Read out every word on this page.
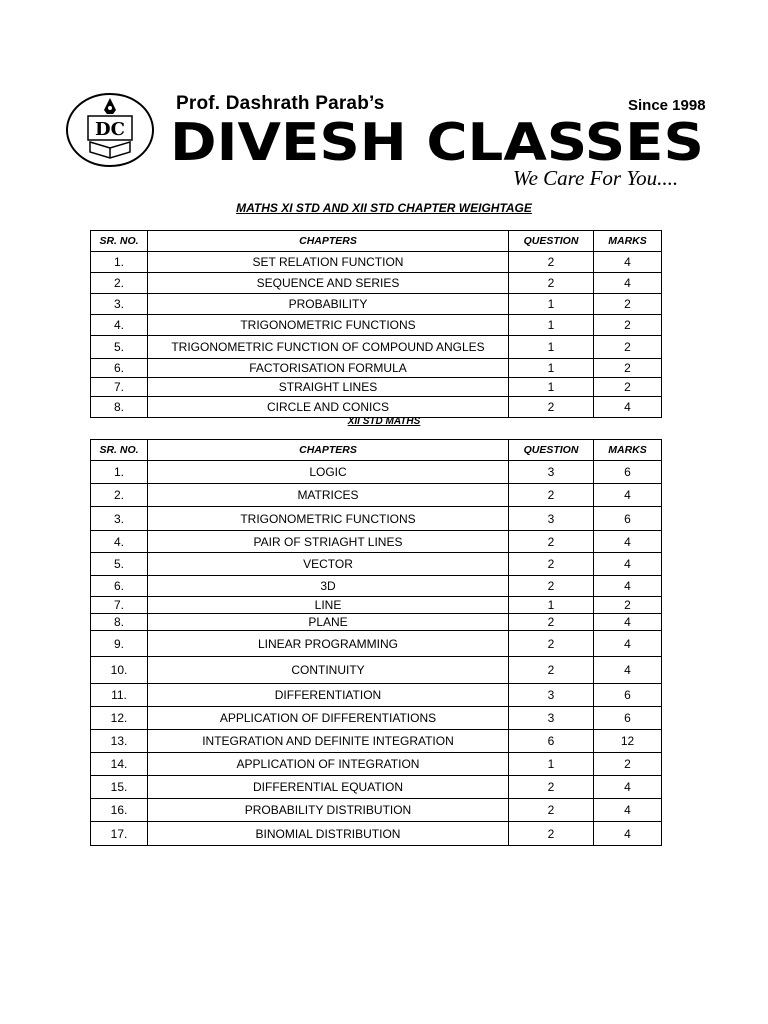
DC
Prof. Dashrath Parab’s	Since 1998
DIVESH CLASSES
We Care For You....
MATHS XI STD AND XII STD CHAPTER WEIGHTAGE
SR. NO.	CHAPTERS	QUESTION	MARKS
1.	SET RELATION FUNCTION	2	4
2.	SEQUENCE AND SERIES	2	4
3.	PROBABILITY	1	2
4.	TRIGONOMETRIC FUNCTIONS	1	2
5.	TRIGONOMETRIC FUNCTION OF COMPOUND ANGLES	1	2
6.	FACTORISATION FORMULA	1	2
7.	STRAIGHT LINES	1	2
8.	CIRCLE AND CONICS	2	4
XII STD MATHS
SR. NO.	CHAPTERS	QUESTION	MARKS
1.	LOGIC	3	6
2.	MATRICES	2	4
3.	TRIGONOMETRIC FUNCTIONS	3	6
4.	PAIR OF STRIAGHT LINES	2	4
5.	VECTOR	2	4
6.	3D	2	4
7.	LINE	1	2
8.	PLANE	2	4
9.	LINEAR PROGRAMMING	2	4
10.	CONTINUITY	2	4
11.	DIFFERENTIATION	3	6
12.	APPLICATION OF DIFFERENTIATIONS	3	6
13.	INTEGRATION AND DEFINITE INTEGRATION	6	12
14.	APPLICATION OF INTEGRATION	1	2
15.	DIFFERENTIAL EQUATION	2	4
16.	PROBABILITY DISTRIBUTION	2	4
17.	BINOMIAL DISTRIBUTION	2	4
